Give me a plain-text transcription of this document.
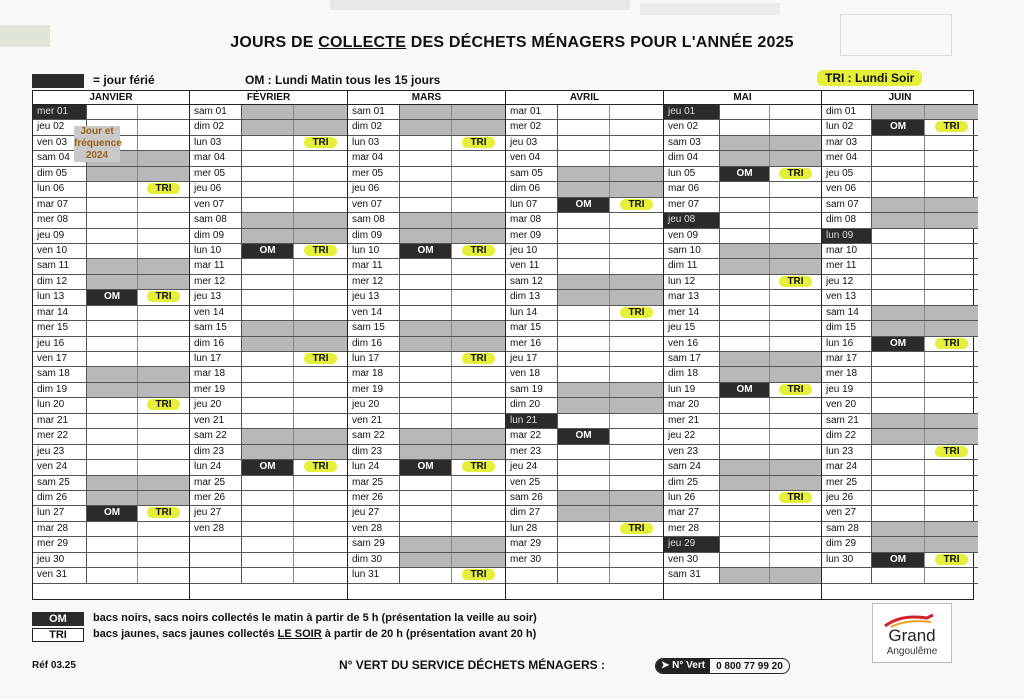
JOURS DE COLLECTE DES DÉCHETS MÉNAGERS POUR L'ANNÉE 2025
= jour férié	OM : Lundi Matin tous les 15 jours	TRI : Lundi Soir
JANVIER
mer 01
jeu 02
ven 03
sam 04
dim 05
lun 06	TRI
mar 07
mer 08
jeu 09
ven 10
sam 11
dim 12
lun 13	OM	TRI
mar 14
mer 15
jeu 16
ven 17
sam 18
dim 19
lun 20	TRI
mar 21
mer 22
jeu 23
ven 24
sam 25
dim 26
lun 27	OM	TRI
mar 28
mer 29
jeu 30
ven 31
FÉVRIER
sam 01
dim 02
lun 03	TRI
mar 04
mer 05
jeu 06
ven 07
sam 08
dim 09
lun 10	OM	TRI
mar 11
mer 12
jeu 13
ven 14
sam 15
dim 16
lun 17	TRI
mar 18
mer 19
jeu 20
ven 21
sam 22
dim 23
lun 24	OM	TRI
mar 25
mer 26
jeu 27
ven 28
MARS
sam 01
dim 02
lun 03	TRI
mar 04
mer 05
jeu 06
ven 07
sam 08
dim 09
lun 10	OM	TRI
mar 11
mer 12
jeu 13
ven 14
sam 15
dim 16
lun 17	TRI
mar 18
mer 19
jeu 20
ven 21
sam 22
dim 23
lun 24	OM	TRI
mar 25
mer 26
jeu 27
ven 28
sam 29
dim 30
lun 31	TRI
AVRIL
mar 01
mer 02
jeu 03
ven 04
sam 05
dim 06
lun 07	OM	TRI
mar 08
mer 09
jeu 10
ven 11
sam 12
dim 13
lun 14	TRI
mar 15
mer 16
jeu 17
ven 18
sam 19
dim 20
lun 21
mar 22	OM
mer 23
jeu 24
ven 25
sam 26
dim 27
lun 28	TRI
mar 29
mer 30
MAI
jeu 01
ven 02
sam 03
dim 04
lun 05	OM	TRI
mar 06
mer 07
jeu 08
ven 09
sam 10
dim 11
lun 12	TRI
mar 13
mer 14
jeu 15
ven 16
sam 17
dim 18
lun 19	OM	TRI
mar 20
mer 21
jeu 22
ven 23
sam 24
dim 25
lun 26	TRI
mar 27
mer 28
jeu 29
ven 30
sam 31
JUIN
dim 01
lun 02	OM	TRI
mar 03
mer 04
jeu 05
ven 06
sam 07
dim 08
lun 09
mar 10
mer 11
jeu 12
ven 13
sam 14
dim 15
lun 16	OM	TRI
mar 17
mer 18
jeu 19
ven 20
sam 21
dim 22
lun 23	TRI
mar 24
mer 25
jeu 26
ven 27
sam 28
dim 29
lun 30	OM	TRI
Jour et
fréquence
2024
OM	bacs noirs, sacs noirs collectés le matin à partir de 5 h (présentation la veille au soir)
TRI	bacs jaunes, sacs jaunes collectés LE SOIR à partir de 20 h (présentation avant 20 h)
Réf 03.25	N° VERT DU SERVICE DÉCHETS MÉNAGERS :	➤ N° Vert	0 800 77 99 20
Grand
Angoulême
